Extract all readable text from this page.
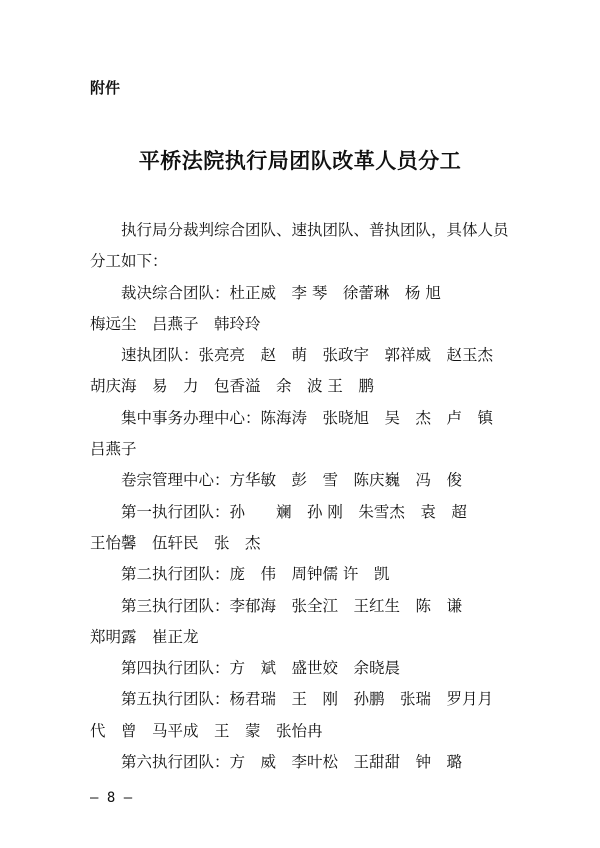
附件

平桥法院执行局团队改革人员分工

执行局分裁判综合团队、速执团队、普执团队，具体人员分工如下：

裁决综合团队：杜正威　李 琴　徐蕾琳　杨 旭

梅远尘　吕燕子　韩玲玲

速执团队：张亮亮　赵　萌　张政宇　郭祥威　赵玉杰

胡庆海　易　力　包香溢　余　波 王　鹏

集中事务办理中心：陈海涛　张晓旭　吴　杰　卢　镇

吕燕子

卷宗管理中心：方华敏　彭　雪　陈庆巍　冯　俊

第一执行团队：孙　　斓　孙 刚　朱雪杰　袁　超

王怡馨　伍轩民　张　杰

第二执行团队：庞　伟　周钟儒 许　凯

第三执行团队：李郁海　张全江　王红生　陈　谦

郑明露　崔正龙

第四执行团队：方　斌　盛世姣　余晓晨

第五执行团队：杨君瑞　王　刚　孙鹏　张瑞　罗月月

代　曾　马平成　王　蒙　张怡冉

第六执行团队：方　威　李叶松　王甜甜　钟　璐

— 8 —
